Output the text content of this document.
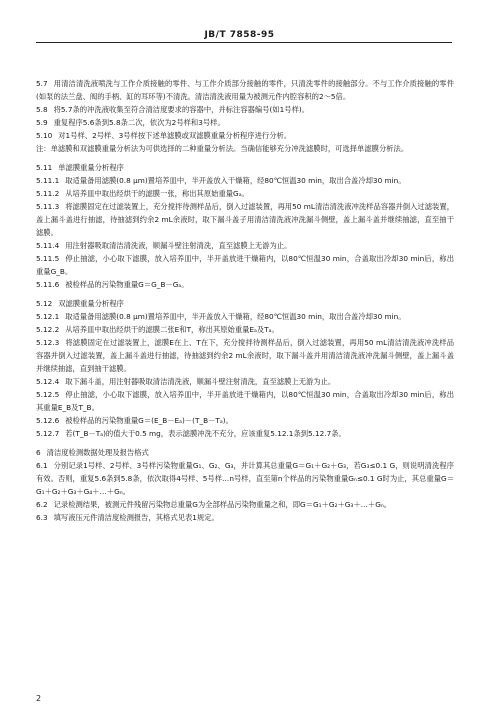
JB/T 7858-95

5.7 用清洁清洗液喷洗与工作介质接触的零件、与工作介质部分接触的零件，只清洗零件的接触部分。不与工作介质接触的零件(如泵的法兰盘、阀的手柄、缸的耳环等)不清洗。清洁清洗液用量为被测元件内腔容积的2～5倍。

5.8 将5.7条的冲洗液收集至符合清洁度要求的容器中，并标注容器编号(如1号样)。

5.9 重复程序5.6条到5.8条二次，依次为2号样和3号样。

5.10 对1号样、2号样、3号样按下述单滤膜或双滤膜重量分析程序进行分析。

注：单滤膜和双滤膜重量分析法为可供选择的二种重量分析法。当确信能够充分冲洗滤膜时，可选择单滤膜分析法。

5.11 单滤膜重量分析程序

5.11.1 取适量备用滤膜(0.8 μm)置培养皿中，半开盖放入干燥箱，经80℃恒温30 min，取出合盖冷却30 min。

5.11.2 从培养皿中取出经烘干的滤膜一张，称出其原始重量Gₐ。

5.11.3 将滤膜固定在过滤装置上，充分搅拌待测样品后，倒入过滤装置，再用50 mL清洁清洗液冲洗样品容器并倒入过滤装置，盖上漏斗盖进行抽滤，待抽滤到约余2 mL余液时，取下漏斗盖子用清洁清洗液冲洗漏斗侧壁，盖上漏斗盖并继续抽滤，直至抽干滤膜。

5.11.4 用注射器吸取清洁清洗液，顺漏斗壁注射清洗，直至滤膜上无游为止。

5.11.5 停止抽滤，小心取下滤膜，放入培养皿中，半开盖放进干燥箱内，以80℃恒温30 min，合盖取出冷却30 min后，称出重量G_B。

5.11.6 被检样品的污染物重量G＝G_B－Gₐ。

5.12 双滤膜重量分析程序

5.12.1 取适量备用滤膜(0.8 μm)置培养皿中，半开盖放入干燥箱，经80℃恒温30 min，取出合盖冷却30 min。

5.12.2 从培养皿中取出经烘干的滤膜二张E和T，称出其原始重量Eₐ及Tₐ。

5.12.3 将滤膜固定在过滤装置上，滤膜E在上、T在下，充分搅拌待测样品后，倒入过滤装置，再用50 mL清洁清洗液冲洗样品容器并倒入过滤装置，盖上漏斗盖进行抽滤，待抽滤到约余2 mL余液时，取下漏斗盖并用清洁清洗液冲洗漏斗侧壁，盖上漏斗盖并继续抽滤，直到抽干滤膜。

5.12.4 取下漏斗盖，用注射器吸取清洁清洗液，顺漏斗壁注射清洗，直至滤膜上无游为止。

5.12.5 停止抽滤，小心取下滤膜，放入培养皿中，半开盖放进干燥箱内，以80℃恒温30 min，合盖取出冷却30 min后，称出其重量E_B及T_B。

5.12.6 被检样品的污染物重量G＝(E_B－Eₐ)－(T_B－Tₐ)。

5.12.7 若(T_B－Tₐ)的值大于0.5 mg，表示滤膜冲洗不充分，应该重复5.12.1条到5.12.7条。

6 清洁度检测数据处理及报告格式

6.1 分别记录1号样、2号样、3号样污染物重量G₁、G₂、G₃，并计算其总重量G＝G₁＋G₂＋G₃，若G₃≤0.1 G，则说明清洗程序有效。否则，重复5.6条到5.8条，依次取得4号样、5号样…n号样，直至第n个样品的污染物重量Gₙ≤0.1 G时为止，其总重量G＝G₁＋G₂＋G₃＋G₄＋…＋Gₙ。

6.2 记录检测结果，被测元件残留污染物总重量G为全部样品污染物重量之和，即G＝G₁＋G₂＋G₃＋…＋Gₙ。

6.3 填写液压元件清洁度检测报告，其格式见表1规定。

2
